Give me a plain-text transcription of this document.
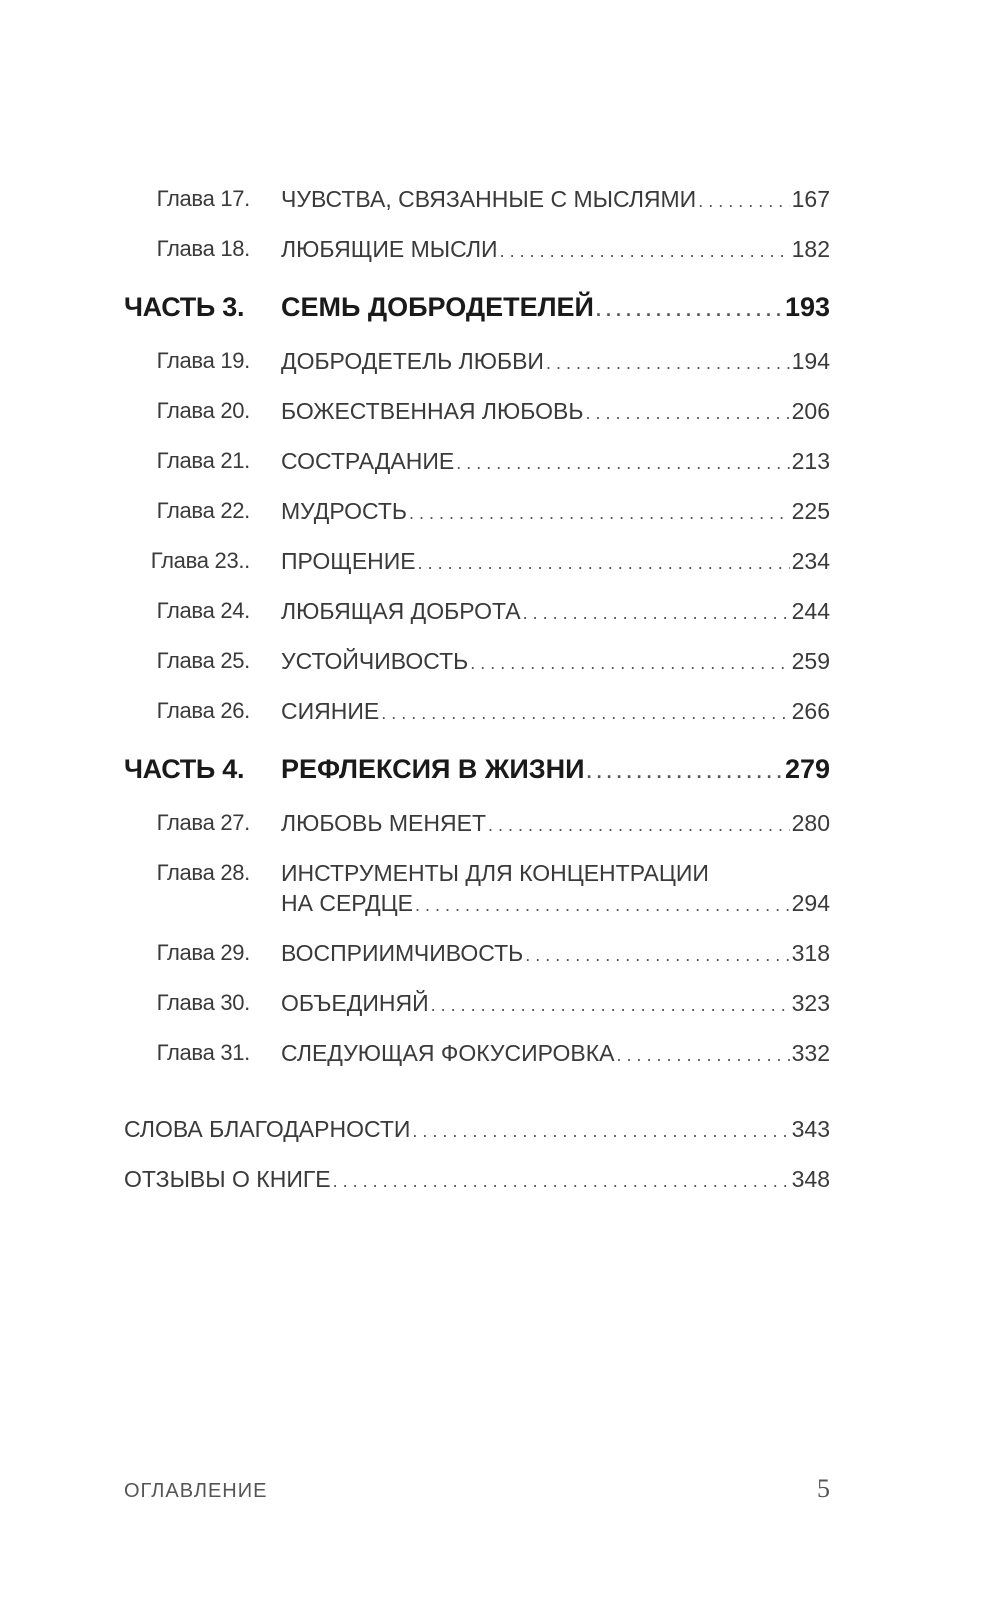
Глава 17. ЧУВСТВА, СВЯЗАННЫЕ С МЫСЛЯМИ . . .	167
Глава 18. ЛЮБЯЩИЕ МЫСЛИ . . .	182
ЧАСТЬ 3. СЕМЬ ДОБРОДЕТЕЛЕЙ . . .	193
Глава 19. ДОБРОДЕТЕЛЬ ЛЮБВИ . . .	194
Глава 20. БОЖЕСТВЕННАЯ ЛЮБОВЬ . . .	206
Глава 21. СОСТРАДАНИЕ . . .	213
Глава 22. МУДРОСТЬ . . .	225
Глава 23.. ПРОЩЕНИЕ . . .	234
Глава 24. ЛЮБЯЩАЯ ДОБРОТА . . .	244
Глава 25. УСТОЙЧИВОСТЬ . . .	259
Глава 26. СИЯНИЕ . . .	266
ЧАСТЬ 4. РЕФЛЕКСИЯ В ЖИЗНИ . . .	279
Глава 27. ЛЮБОВЬ МЕНЯЕТ . . .	280
Глава 28. ИНСТРУМЕНТЫ ДЛЯ КОНЦЕНТРАЦИИ
НА СЕРДЦЕ . . .	294
Глава 29. ВОСПРИИМЧИВОСТЬ . . .	318
Глава 30. ОБЪЕДИНЯЙ . . .	323
Глава 31. СЛЕДУЮЩАЯ ФОКУСИРОВКА . . .	332
СЛОВА БЛАГОДАРНОСТИ . . .	343
ОТЗЫВЫ О КНИГЕ . . .	348
ОГЛАВЛЕНИЕ	5
